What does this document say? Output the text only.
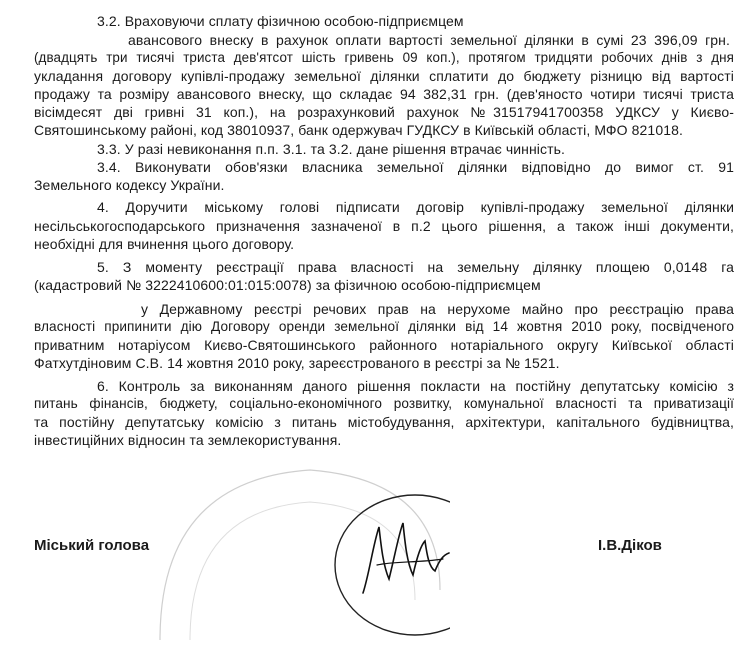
3.2. Враховуючи сплату фізичною особою-підприємцем
авансового внеску в рахунок оплати вартості земельної ділянки в сумі 23 396,09 грн.
(двадцять три тисячі триста дев'ятсот шість гривень 09 коп.), протягом тридцяти робочих днів з дня
укладання договору купівлі-продажу земельної ділянки сплатити до бюджету різницю від вартості
продажу та розміру авансового внеску, що складає 94 382,31 грн. (дев'яносто чотири тисячі триста
вісімдесят дві гривні 31 коп.), на розрахунковий рахунок №31517941700358 УДКСУ у Києво-
Святошинському районі, код 38010937, банк одержувач ГУДКСУ в Київській області, МФО 821018.
3.3. У разі невиконання п.п. 3.1. та 3.2. дане рішення втрачає чинність.
3.4. Виконувати обов'язки власника земельної ділянки відповідно до вимог ст. 91
Земельного кодексу України.
4. Доручити міському голові підписати договір купівлі-продажу земельної ділянки
несільськогосподарського призначення зазначеної в п.2 цього рішення, а також інші документи,
необхідні для вчинення цього договору.
5. З моменту реєстрації права власності на земельну ділянку площею 0,0148 га
(кадастровий № 3222410600:01:015:0078) за фізичною особою-підприємцем
у Державному реєстрі речових прав на нерухоме майно про реєстрацію права
власності припинити дію Договору оренди земельної ділянки від 14 жовтня 2010 року, посвідченого
приватним нотаріусом Києво-Святошинського районного нотаріального округу Київської області
Фатхутдіновим С.В. 14 жовтня 2010 року, зареєстрованого в реєстрі за № 1521.
6. Контроль за виконанням даного рішення покласти на постійну депутатську комісію з
питань фінансів, бюджету, соціально-економічного розвитку, комунальної власності та приватизації
та постійну депутатську комісію з питань містобудування, архітектури, капітального будівництва,
інвестиційних відносин та землекористування.
Міський голова	І.В.Діков
